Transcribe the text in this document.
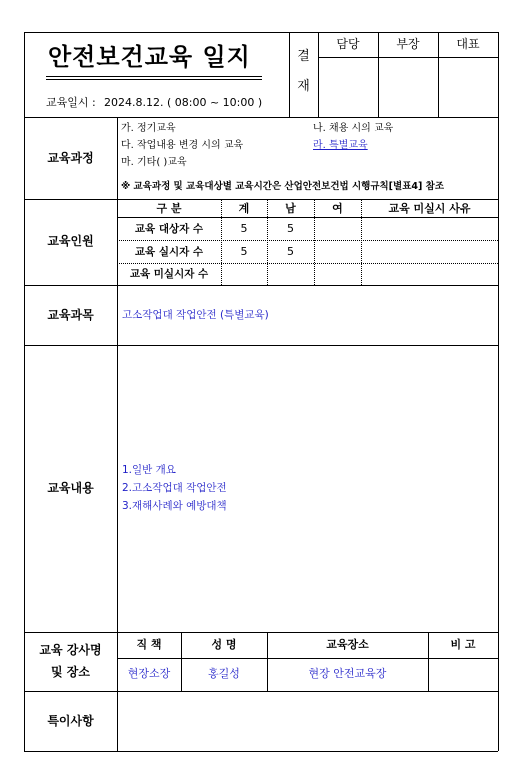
안전보건교육 일지
교육일시 : 2024.8.12. ( 08:00 ~ 10:00 )
결
재
담당	부장	대표
교육과정
가. 정기교육	나. 채용 시의 교육
다. 작업내용 변경 시의 교육	라. 특별교육
마. 기타( )교육
※ 교육과정 및 교육대상별 교육시간은 산업안전보건법 시행규칙[별표4] 참조
교육인원
구 분	계	남	여	교육 미실시 사유
교육 대상자 수	5	5
교육 실시자 수	5	5
교육 미실시자 수
교육과목	고소작업대 작업안전 (특별교육)
교육내용
1.일반 개요
2.고소작업대 작업안전
3.재해사례와 예방대책
교육 강사명
및 장소
직 책	성 명	교육장소	비 고
현장소장	홍길성	현장 안전교육장
특이사항
